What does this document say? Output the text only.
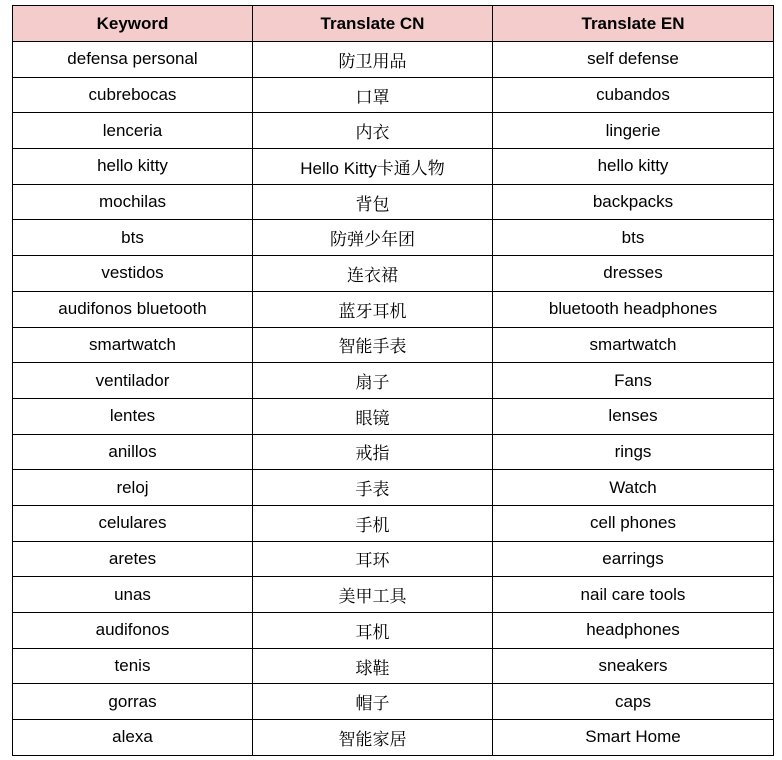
Keyword	Translate CN	Translate EN
defensa personal	防卫用品	self defense
cubrebocas	口罩	cubandos
lenceria	内衣	lingerie
hello kitty	Hello Kitty卡通人物	hello kitty
mochilas	背包	backpacks
bts	防弹少年团	bts
vestidos	连衣裙	dresses
audifonos bluetooth	蓝牙耳机	bluetooth headphones
smartwatch	智能手表	smartwatch
ventilador	扇子	Fans
lentes	眼镜	lenses
anillos	戒指	rings
reloj	手表	Watch
celulares	手机	cell phones
aretes	耳环	earrings
unas	美甲工具	nail care tools
audifonos	耳机	headphones
tenis	球鞋	sneakers
gorras	帽子	caps
alexa	智能家居	Smart Home
